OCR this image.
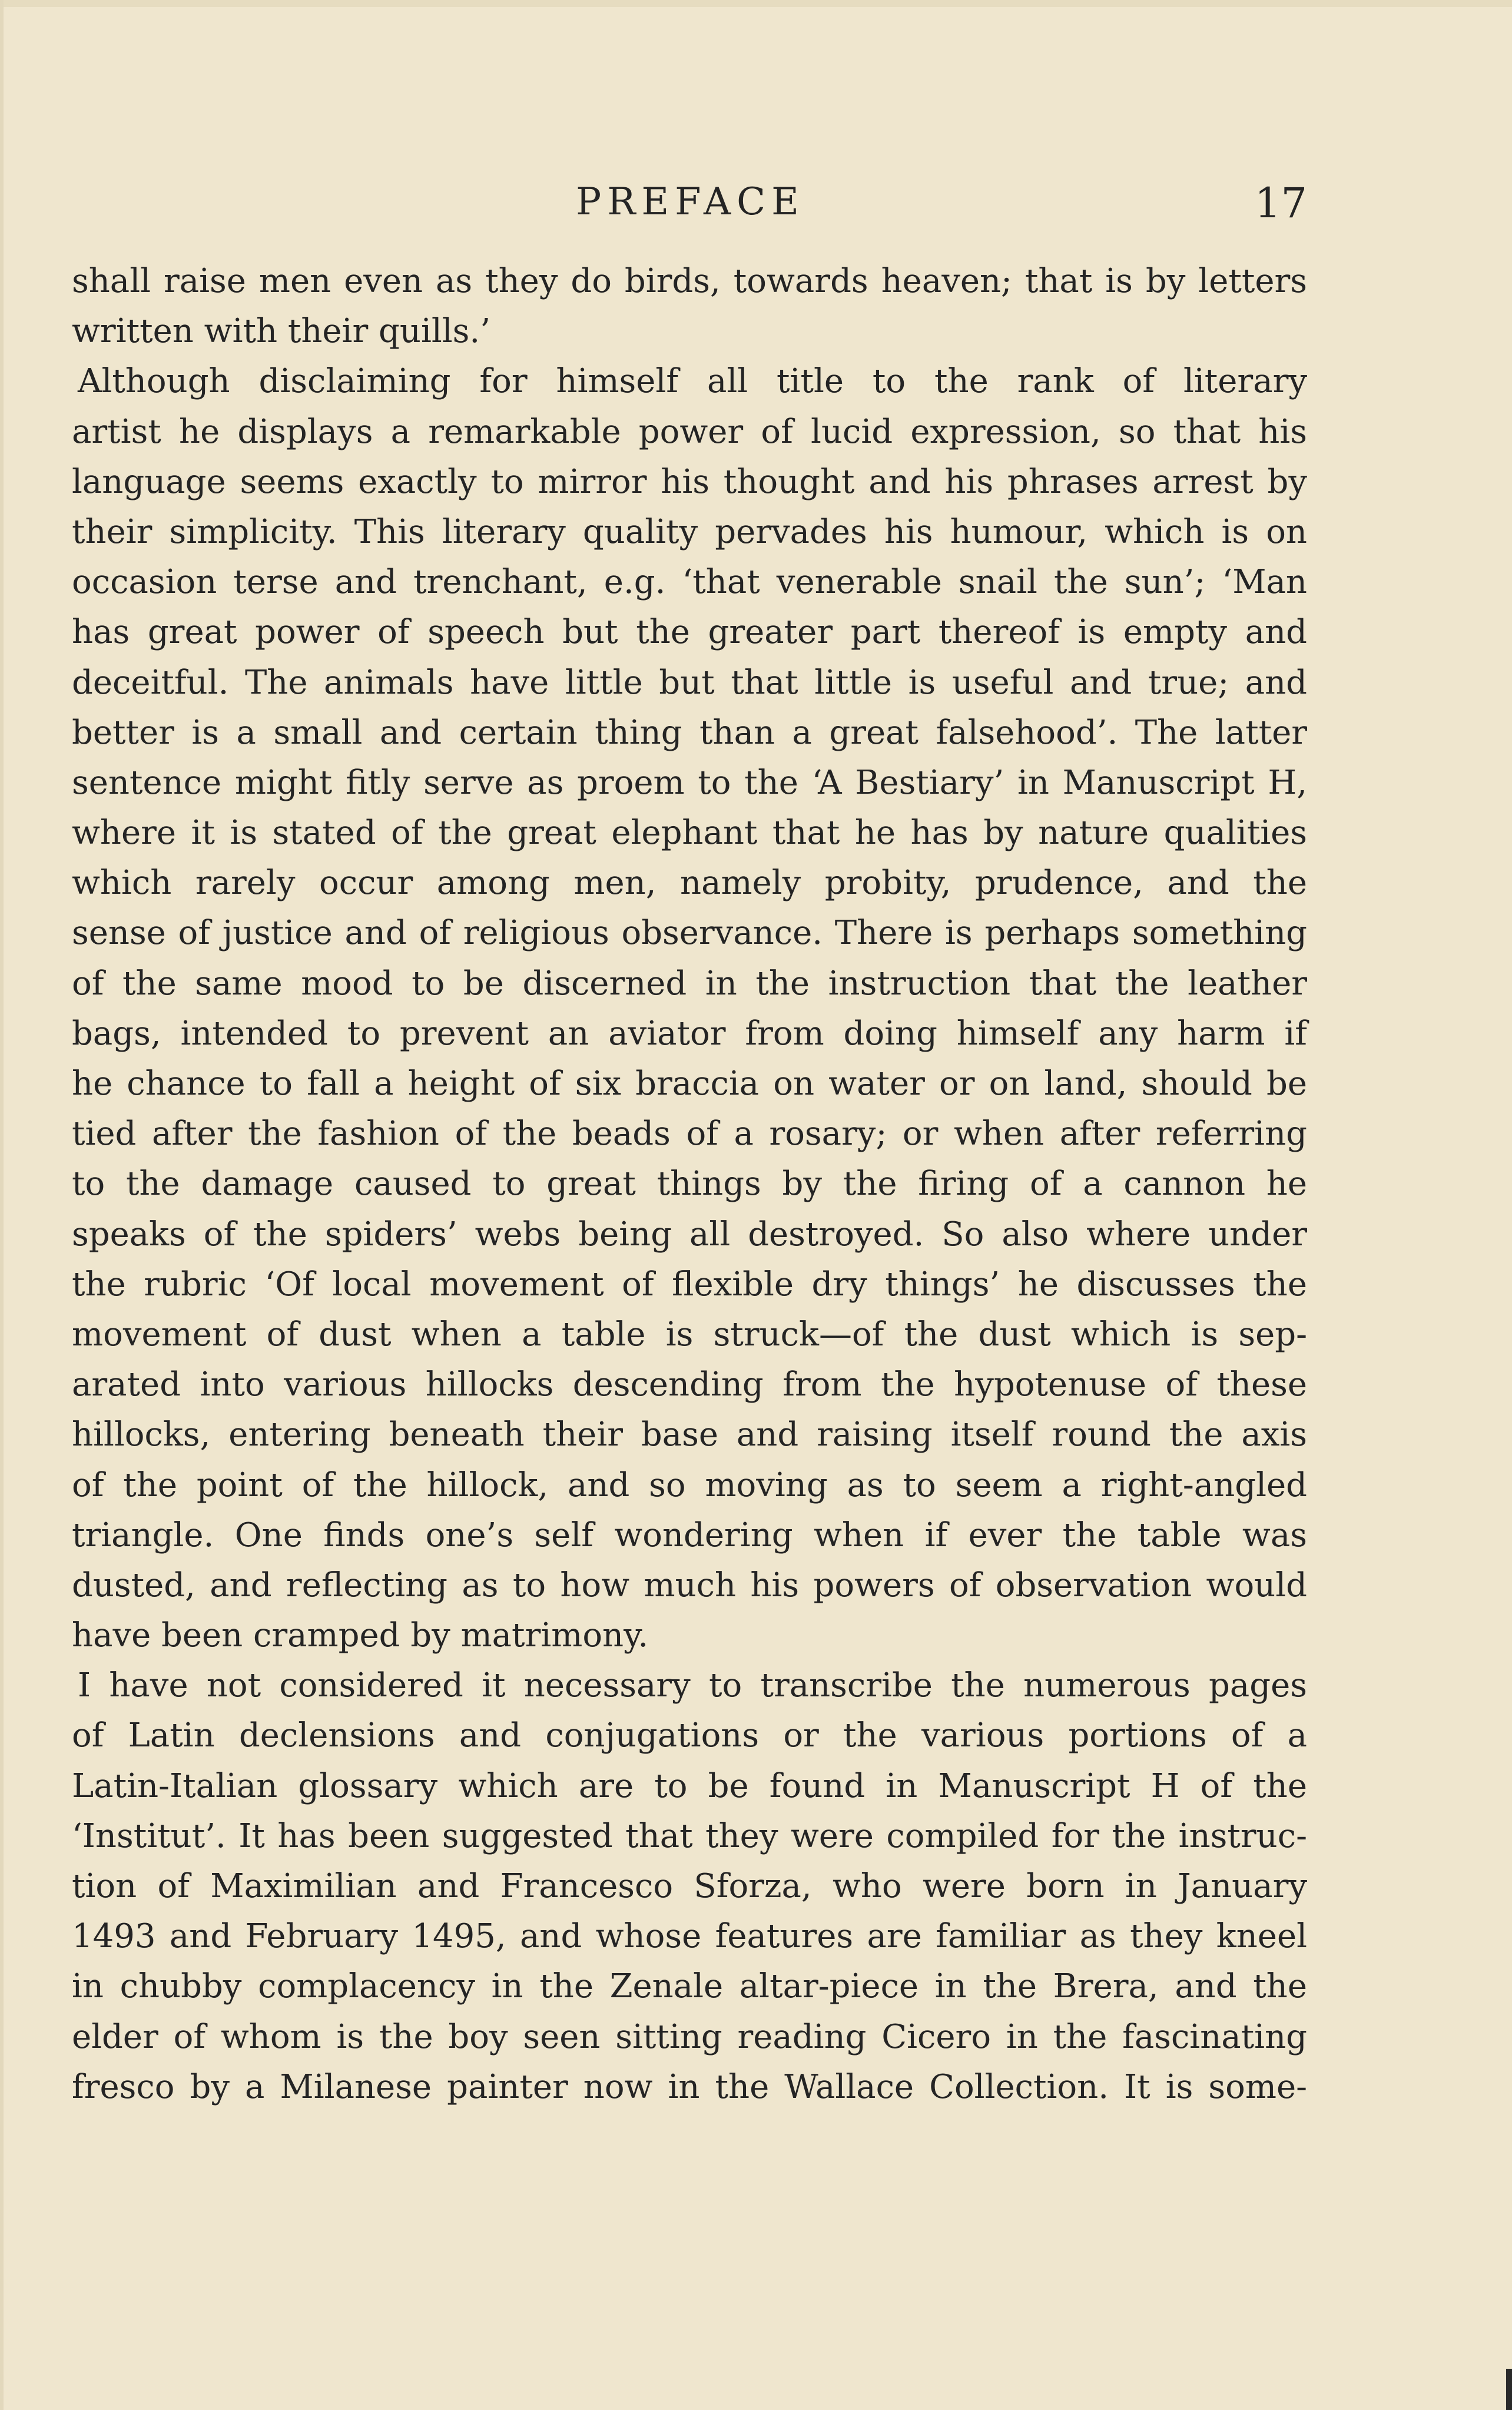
PREFACE	17
shall raise men even as they do birds, towards heaven; that is by letters
written with their quills.’
Although disclaiming for himself all title to the rank of literary
artist he displays a remarkable power of lucid expression, so that his
language seems exactly to mirror his thought and his phrases arrest by
their simplicity. This literary quality pervades his humour, which is on
occasion terse and trenchant, e.g. ‘that venerable snail the sun’; ‘Man
has great power of speech but the greater part thereof is empty and
deceitful. The animals have little but that little is useful and true; and
better is a small and certain thing than a great falsehood’. The latter
sentence might fitly serve as proem to the ‘A Bestiary’ in Manuscript H,
where it is stated of the great elephant that he has by nature qualities
which rarely occur among men, namely probity, prudence, and the
sense of justice and of religious observance. There is perhaps something
of the same mood to be discerned in the instruction that the leather
bags, intended to prevent an aviator from doing himself any harm if
he chance to fall a height of six braccia on water or on land, should be
tied after the fashion of the beads of a rosary; or when after referring
to the damage caused to great things by the firing of a cannon he
speaks of the spiders’ webs being all destroyed. So also where under
the rubric ‘Of local movement of flexible dry things’ he discusses the
movement of dust when a table is struck—of the dust which is sep-
arated into various hillocks descending from the hypotenuse of these
hillocks, entering beneath their base and raising itself round the axis
of the point of the hillock, and so moving as to seem a right-angled
triangle. One finds one’s self wondering when if ever the table was
dusted, and reflecting as to how much his powers of observation would
have been cramped by matrimony.
I have not considered it necessary to transcribe the numerous pages
of Latin declensions and conjugations or the various portions of a
Latin-Italian glossary which are to be found in Manuscript H of the
‘Institut’. It has been suggested that they were compiled for the instruc-
tion of Maximilian and Francesco Sforza, who were born in January
1493 and February 1495, and whose features are familiar as they kneel
in chubby complacency in the Zenale altar-piece in the Brera, and the
elder of whom is the boy seen sitting reading Cicero in the fascinating
fresco by a Milanese painter now in the Wallace Collection. It is some-
